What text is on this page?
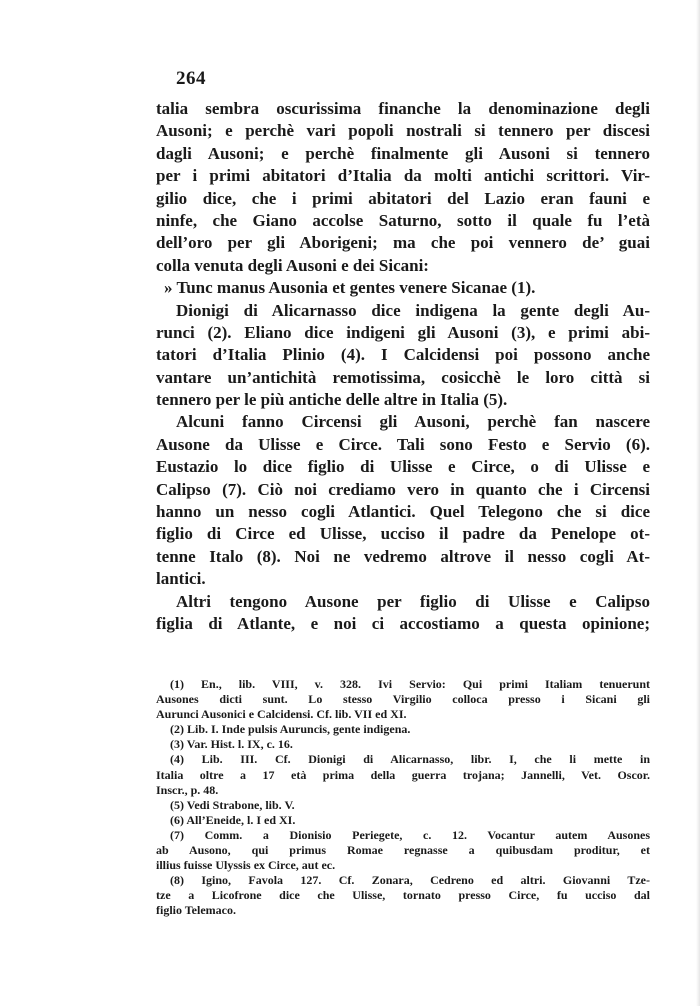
264
talia sembra oscurissima finanche la denominazione degli
Ausoni; e perchè vari popoli nostrali si tennero per discesi
dagli Ausoni; e perchè finalmente gli Ausoni si tennero
per i primi abitatori d’Italia da molti antichi scrittori. Vir-
gilio dice, che i primi abitatori del Lazio eran fauni e
ninfe, che Giano accolse Saturno, sotto il quale fu l’età
dell’oro per gli Aborigeni; ma che poi vennero de’ guai
colla venuta degli Ausoni e dei Sicani:
» Tunc manus Ausonia et gentes venere Sicanae (1).
Dionigi di Alicarnasso dice indigena la gente degli Au-
runci (2). Eliano dice indigeni gli Ausoni (3), e primi abi-
tatori d’Italia Plinio (4). I Calcidensi poi possono anche
vantare un’antichità remotissima, cosicchè le loro città si
tennero per le più antiche delle altre in Italia (5).
Alcuni fanno Circensi gli Ausoni, perchè fan nascere
Ausone da Ulisse e Circe. Tali sono Festo e Servio (6).
Eustazio lo dice figlio di Ulisse e Circe, o di Ulisse e
Calipso (7). Ciò noi crediamo vero in quanto che i Circensi
hanno un nesso cogli Atlantici. Quel Telegono che si dice
figlio di Circe ed Ulisse, ucciso il padre da Penelope ot-
tenne Italo (8). Noi ne vedremo altrove il nesso cogli At-
lantici.
Altri tengono Ausone per figlio di Ulisse e Calipso
figlia di Atlante, e noi ci accostiamo a questa opinione;
(1) En., lib. VIII, v. 328. Ivi Servio: Qui primi Italiam tenuerunt
Ausones dicti sunt. Lo stesso Virgilio colloca presso i Sicani gli
Aurunci Ausonici e Calcidensi. Cf. lib. VII ed XI.
(2) Lib. I. Inde pulsis Auruncis, gente indigena.
(3) Var. Hist. l. IX, c. 16.
(4) Lib. III. Cf. Dionigi di Alicarnasso, libr. I, che li mette in
Italia oltre a 17 età prima della guerra trojana; Jannelli, Vet. Oscor.
Inscr., p. 48.
(5) Vedi Strabone, lib. V.
(6) All’Eneide, l. I ed XI.
(7) Comm. a Dionisio Periegete, c. 12. Vocantur autem Ausones
ab Ausono, qui primus Romae regnasse a quibusdam proditur, et
illius fuisse Ulyssis ex Circe, aut ec.
(8) Igino, Favola 127. Cf. Zonara, Cedreno ed altri. Giovanni Tze-
tze a Licofrone dice che Ulisse, tornato presso Circe, fu ucciso dal
figlio Telemaco.
